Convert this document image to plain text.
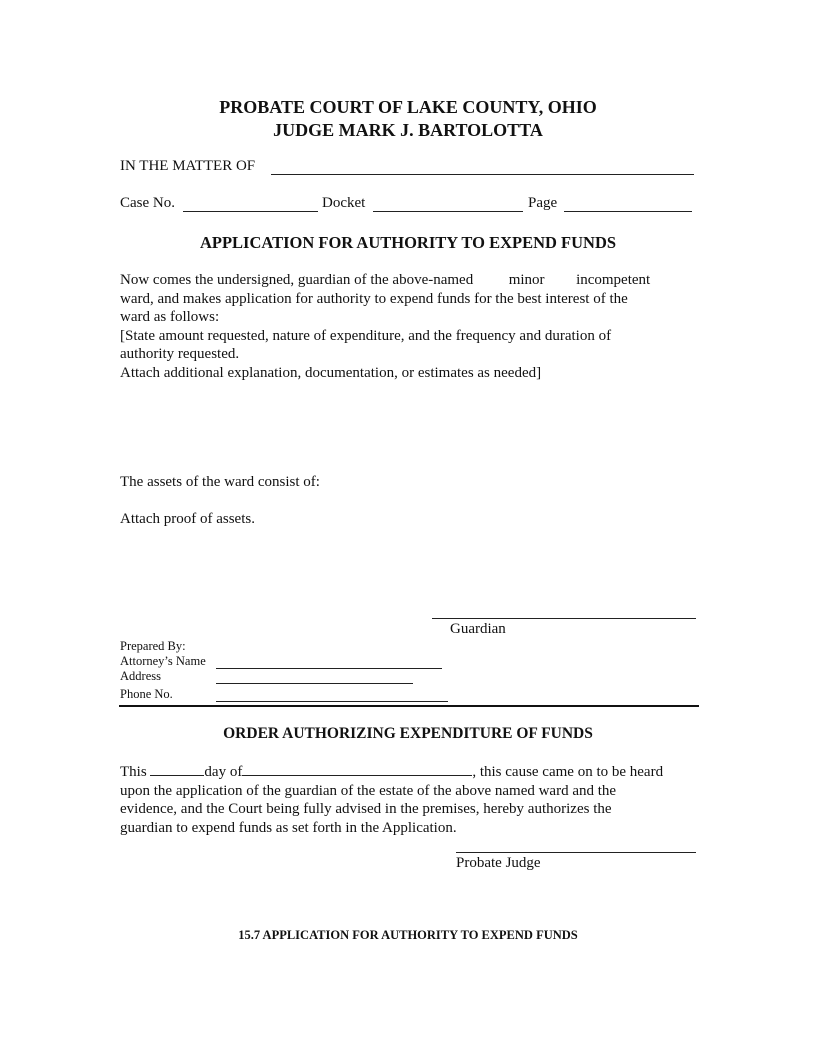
PROBATE COURT OF LAKE COUNTY, OHIO
JUDGE MARK J. BARTOLOTTA
IN THE MATTER OF
Case No.	Docket	Page
APPLICATION FOR AUTHORITY TO EXPEND FUNDS
Now comes the undersigned, guardian of the above-named minor incompetent
ward, and makes application for authority to expend funds for the best interest of the
ward as follows:
[State amount requested, nature of expenditure, and the frequency and duration of
authority requested.
Attach additional explanation, documentation, or estimates as needed]
The assets of the ward consist of:
Attach proof of assets.
Guardian
Prepared By:
Attorney’s Name
Address
Phone No.
ORDER AUTHORIZING EXPENDITURE OF FUNDS
This	day of	, this cause came on to be heard
upon the application of the guardian of the estate of the above named ward and the
evidence, and the Court being fully advised in the premises, hereby authorizes the
guardian to expend funds as set forth in the Application.
Probate Judge
15.7 APPLICATION FOR AUTHORITY TO EXPEND FUNDS
